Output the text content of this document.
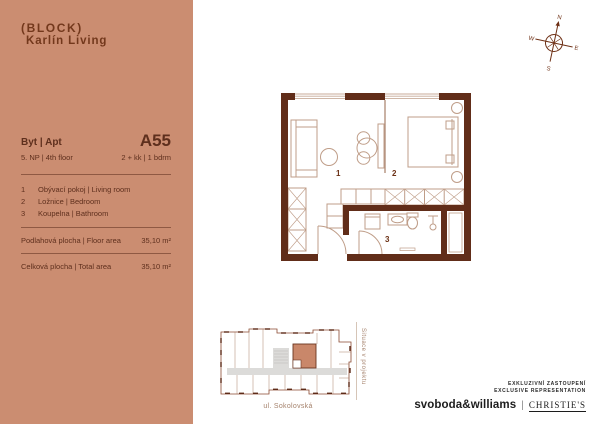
(BLOCK)
Karlín Living
Byt | Apt	A55
5. NP | 4th floor	2 + kk | 1 bdrm
1	Obývací pokoj | Living room
2	Ložnice | Bedroom
3	Koupelna | Bathroom
Podlahová plocha | Floor area	35,10 m²
Celková plocha | Total area	35,10 m²
N
E
S
W
1	2
3
ul. Sokolovská
Situace v projektu	EXKLUZIVNÍ ZASTOUPENÍ
EXCLUSIVE REPRESENTATION
svoboda&williams | CHRISTIE'S
